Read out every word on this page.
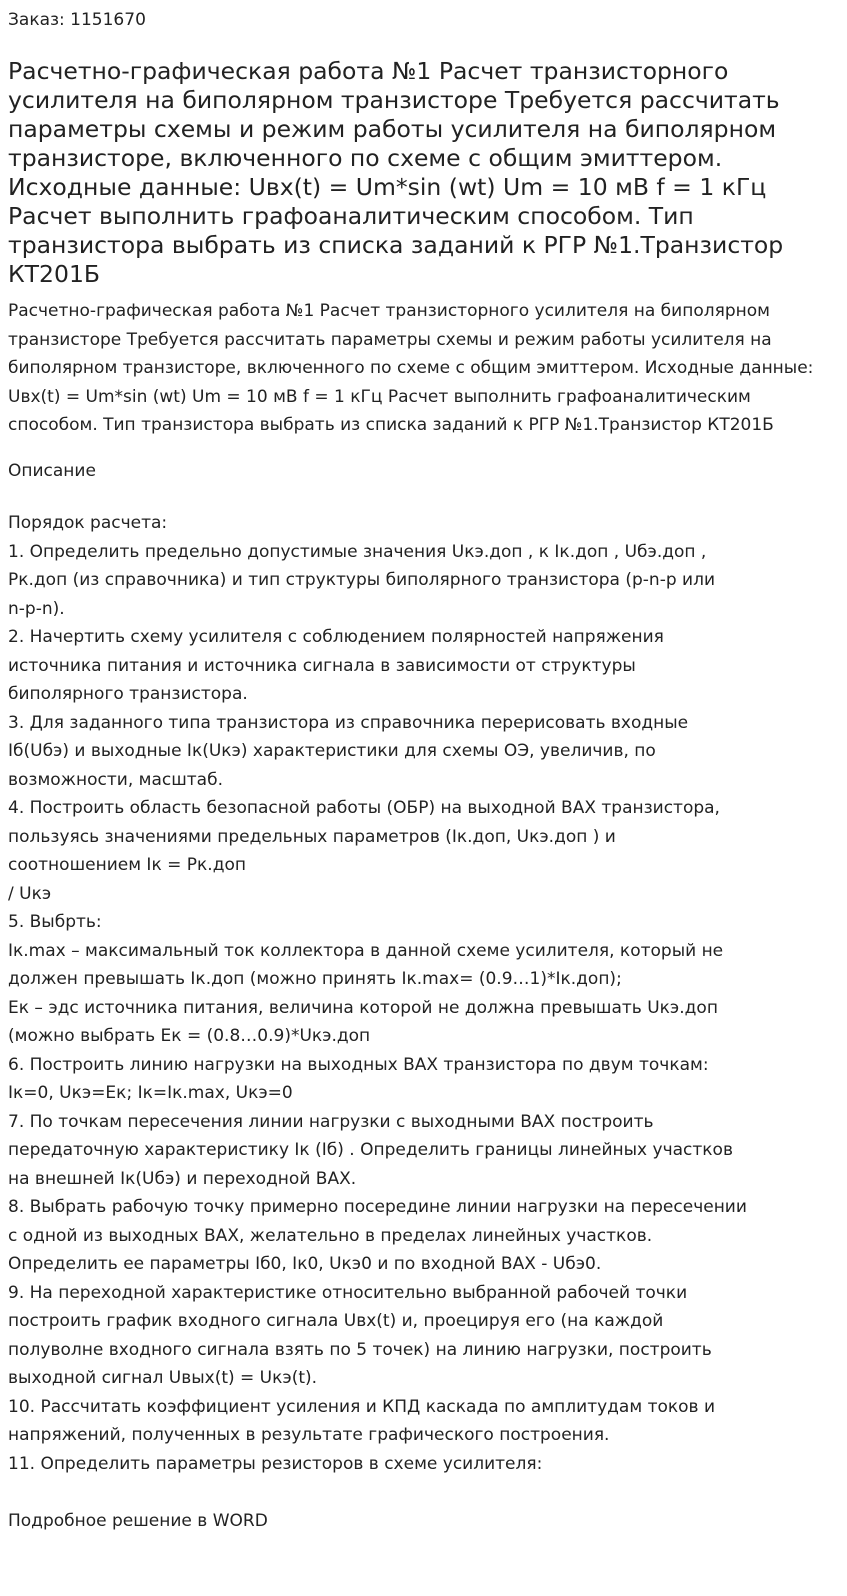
Заказ: 1151670
Расчетно-графическая работа №1 Расчет транзисторного усилителя на биполярном транзисторе Требуется рассчитать параметры схемы и режим работы усилителя на биполярном транзисторе, включенного по схеме с общим эмиттером. Исходные данные: Uвх(t) = Um*sin (wt) Um = 10 мВ f = 1 кГц Расчет выполнить графоаналитическим способом. Тип транзистора выбрать из списка заданий к РГР №1.Транзистор КТ201Б

Расчетно-графическая работа №1 Расчет транзисторного усилителя на биполярном транзисторе Требуется рассчитать параметры схемы и режим работы усилителя на биполярном транзисторе, включенного по схеме с общим эмиттером. Исходные данные: Uвх(t) = Um*sin (wt) Um = 10 мВ f = 1 кГц Расчет выполнить графоаналитическим способом. Тип транзистора выбрать из списка заданий к РГР №1.Транзистор КТ201Б

Описание

Порядок расчета:

1. Определить предельно допустимые значения Uкэ.доп , к Iк.доп , Uбэ.доп ,

Pк.доп (из справочника) и тип структуры биполярного транзистора (p-n-p или

n-p-n).

2. Начертить схему усилителя с соблюдением полярностей напряжения

источника питания и источника сигнала в зависимости от структуры

биполярного транзистора.

3. Для заданного типа транзистора из справочника перерисовать входные

Iб(Uбэ) и выходные Iк(Uкэ) характеристики для схемы ОЭ, увеличив, по

возможности, масштаб.

4. Построить область безопасной работы (ОБР) на выходной ВАХ транзистора,

пользуясь значениями предельных параметров (Iк.доп, Uкэ.доп ) и

соотношением Iк = Pк.доп

/ Uкэ

5. Выбрть:

Iк.max – максимальный ток коллектора в данной схеме усилителя, который не

должен превышать Iк.доп (можно принять Iк.max= (0.9…1)*Iк.доп);

Ек – эдс источника питания, величина которой не должна превышать Uкэ.доп

(можно выбрать Ек = (0.8…0.9)*Uкэ.доп

6. Построить линию нагрузки на выходных ВАХ транзистора по двум точкам:

Iк=0, Uкэ=Ек; Iк=Iк.max, Uкэ=0

7. По точкам пересечения линии нагрузки с выходными ВАХ построить

передаточную характеристику Iк (Iб) . Определить границы линейных участков

на внешней Iк(Uбэ) и переходной ВАХ.

8. Выбрать рабочую точку примерно посередине линии нагрузки на пересечении

с одной из выходных ВАХ, желательно в пределах линейных участков.

Определить ее параметры Iб0, Iк0, Uкэ0 и по входной ВАХ - Uбэ0.

9. На переходной характеристике относительно выбранной рабочей точки

построить график входного сигнала Uвх(t) и, проецируя его (на каждой

полуволне входного сигнала взять по 5 точек) на линию нагрузки, построить

выходной сигнал Uвых(t) = Uкэ(t).

10. Рассчитать коэффициент усиления и КПД каскада по амплитудам токов и

напряжений, полученных в результате графического построения.

11. Определить параметры резисторов в схеме усилителя:

Подробное решение в WORD
